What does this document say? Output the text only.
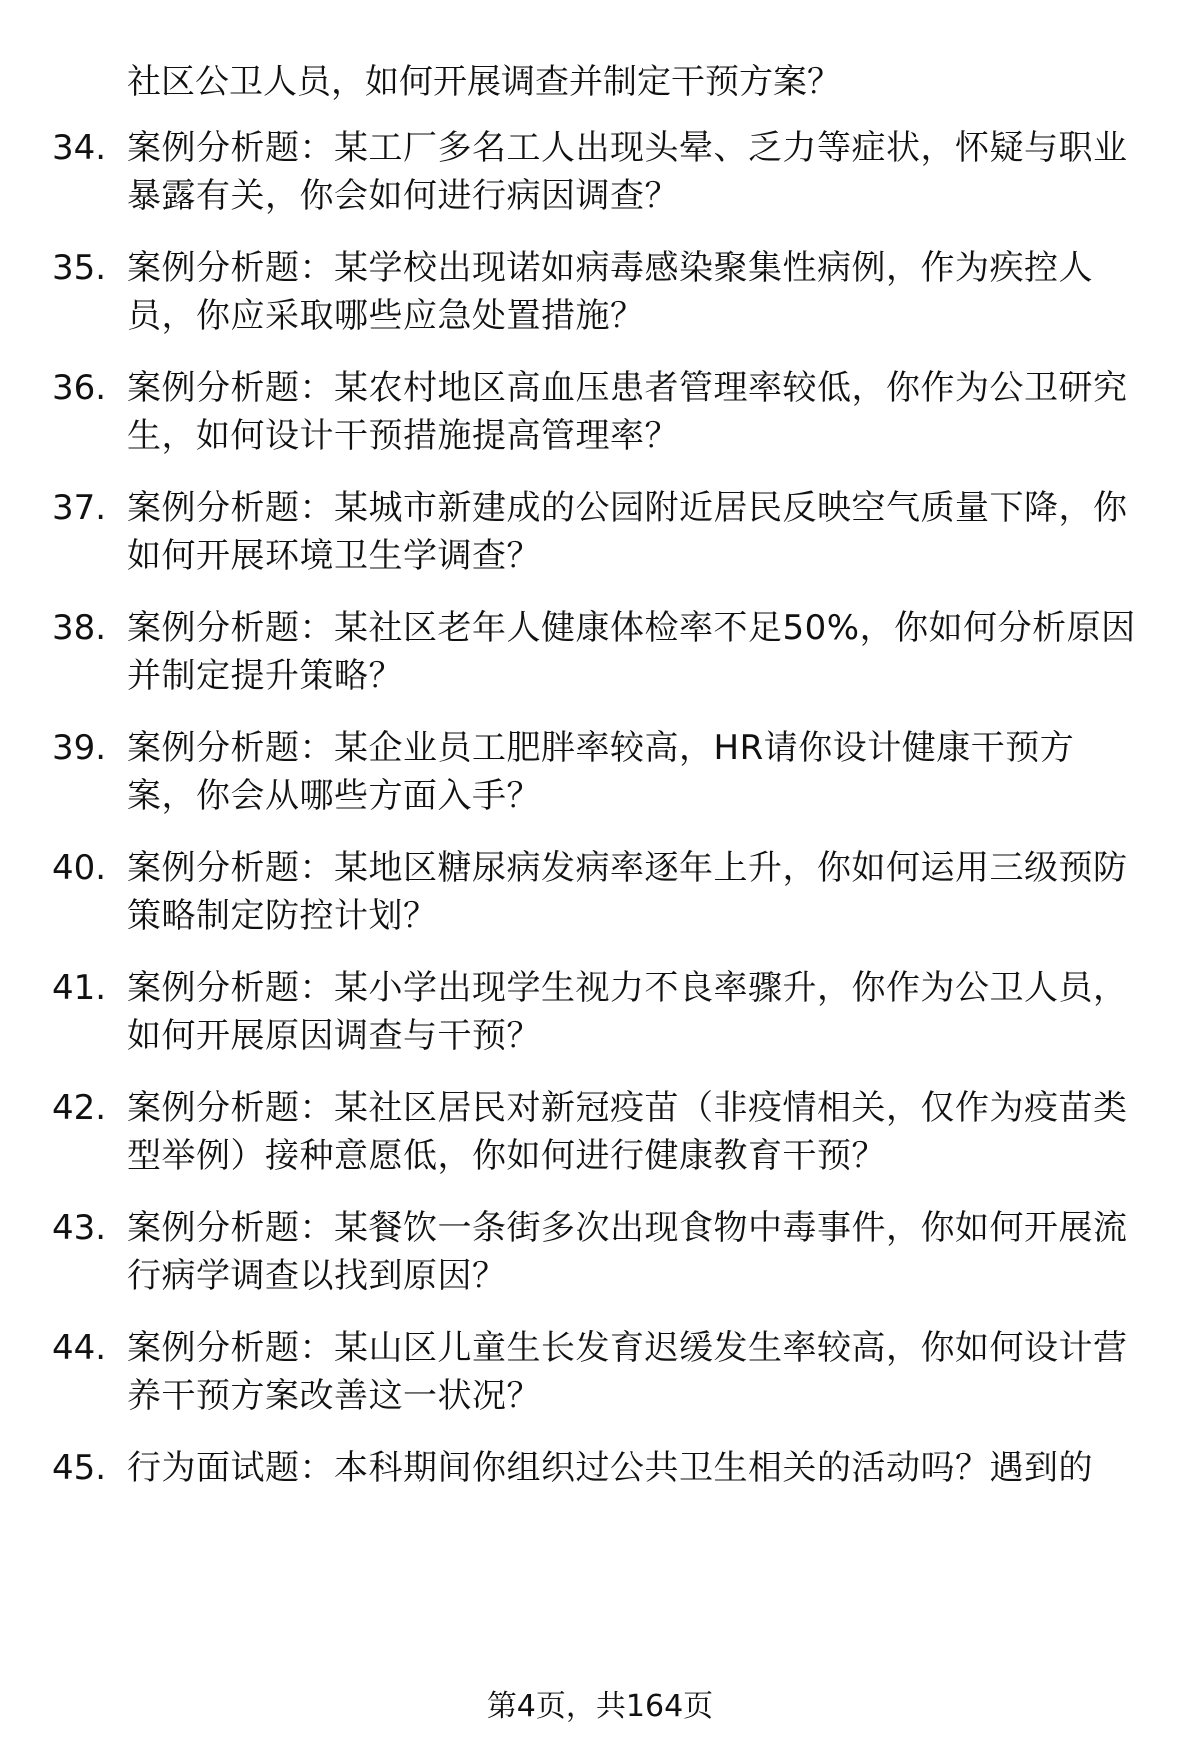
社区公卫人员，如何开展调查并制定干预方案？
34. 案例分析题：某工厂多名工人出现头晕、乏力等症状，怀疑与职业暴露有关，你会如何进行病因调查？
35. 案例分析题：某学校出现诺如病毒感染聚集性病例，作为疾控人员，你应采取哪些应急处置措施？
36. 案例分析题：某农村地区高血压患者管理率较低，你作为公卫研究生，如何设计干预措施提高管理率？
37. 案例分析题：某城市新建成的公园附近居民反映空气质量下降，你如何开展环境卫生学调查？
38. 案例分析题：某社区老年人健康体检率不足50%，你如何分析原因并制定提升策略？
39. 案例分析题：某企业员工肥胖率较高，HR请你设计健康干预方案，你会从哪些方面入手？
40. 案例分析题：某地区糖尿病发病率逐年上升，你如何运用三级预防策略制定防控计划？
41. 案例分析题：某小学出现学生视力不良率骤升，你作为公卫人员，如何开展原因调查与干预？
42. 案例分析题：某社区居民对新冠疫苗（非疫情相关，仅作为疫苗类型举例）接种意愿低，你如何进行健康教育干预？
43. 案例分析题：某餐饮一条街多次出现食物中毒事件，你如何开展流行病学调查以找到原因？
44. 案例分析题：某山区儿童生长发育迟缓发生率较高，你如何设计营养干预方案改善这一状况？
45. 行为面试题：本科期间你组织过公共卫生相关的活动吗？遇到的
第4页，共164页
